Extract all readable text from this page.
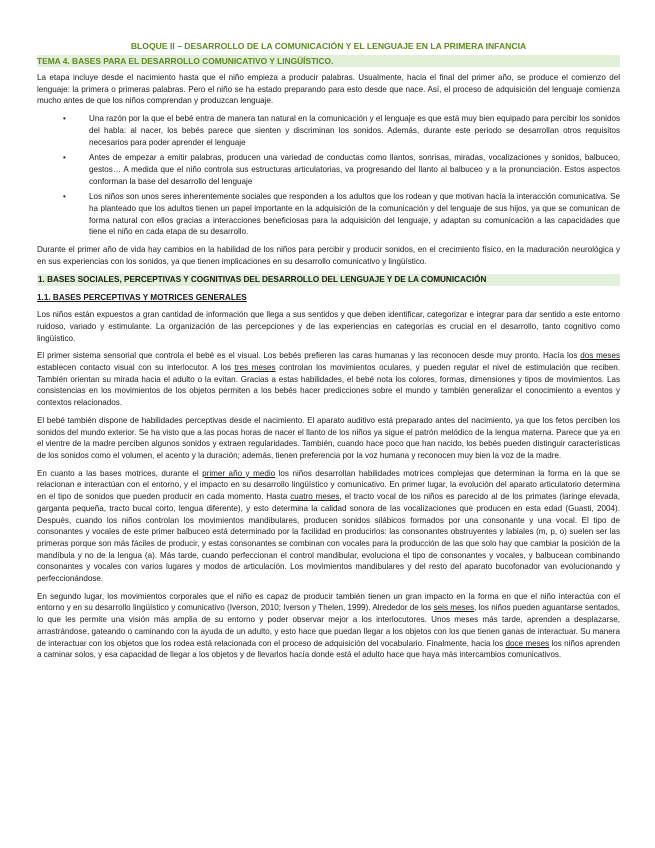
BLOQUE II – DESARROLLO DE LA COMUNICACIÓN Y EL LENGUAJE EN LA PRIMERA INFANCIA
TEMA 4. BASES PARA EL DESARROLLO COMUNICATIVO Y LINGÜÍSTICO.

La etapa incluye desde el nacimiento hasta que el niño empieza a producir palabras. Usualmente, hacia el final del primer año, se produce el comienzo del lenguaje: la primera o primeras palabras. Pero el niño se ha estado preparando para esto desde que nace. Así, el proceso de adquisición del lenguaje comienza mucho antes de que los niños comprendan y produzcan lenguaje.

• Una razón por la que el bebé entra de manera tan natural en la comunicación y el lenguaje es que está muy bien equipado para percibir los sonidos del habla: al nacer, los bebés parece que sienten y discriminan los sonidos. Además, durante este periodo se desarrollan otros requisitos necesarios para poder aprender el lenguaje
• Antes de empezar a emitir palabras, producen una variedad de conductas como llantos, sonrisas, miradas, vocalizaciones y sonidos, balbuceo, gestos… A medida que el niño controla sus estructuras articulatorias, va progresando del llanto al balbuceo y a la pronunciación. Estos aspectos conforman la base del desarrollo del lenguaje
• Los niños son unos seres inherentemente sociales que responden a los adultos que los rodean y que motivan hacía la interacción comunicativa. Se ha planteado que los adultos tienen un papel importante en la adquisición de la comunicación y del lenguaje de sus hijos, ya que se comunican de forma natural con ellos gracias a interacciones beneficiosas para la adquisición del lenguaje, y adaptan su comunicación a las capacidades que tiene el niño en cada etapa de su desarrollo.

Durante el primer año de vida hay cambios en la habilidad de los niños para percibir y producir sonidos, en el crecimiento físico, en la maduración neurológica y en sus experiencias con los sonidos, ya que tienen implicaciones en su desarrollo comunicativo y lingüístico.

1. BASES SOCIALES, PERCEPTIVAS Y COGNITIVAS DEL DESARROLLO DEL LENGUAJE Y DE LA COMUNICACIÓN
1.1. BASES PERCEPTIVAS Y MOTRICES GENERALES

Los niños están expuestos a gran cantidad de información que llega a sus sentidos y que deben identificar, categorizar e integrar para dar sentido a este entorno ruidoso, variado y estimulante. La organización de las percepciones y de las experiencias en categorías es crucial en el desarrollo, tanto cognitivo como lingüístico.

El primer sistema sensorial que controla el bebé es el visual. Los bebés prefieren las caras humanas y las reconocen desde muy pronto. Hacía los dos meses establecen contacto visual con su interlocutor. A los tres meses controlan los movimientos oculares, y pueden regular el nivel de estimulación que reciben. También orientan su mirada hacia el adulto o la evitan. Gracias a estas habilidades, el bebé nota los colores, formas, dimensiones y tipos de movimientos. Las consistencias en los movimientos de los objetos permiten a los bebés hacer predicciones sobre el mundo y también generalizar el conocimiento a eventos y contextos relacionados.

El bebé también dispone de habilidades perceptivas desde el nacimiento. El aparato auditivo está preparado antes del nacimiento, ya que los fetos perciben los sonidos del mundo exterior. Se ha visto que a las pocas horas de nacer el llanto de los niños ya sigue el patrón melódico de la lengua materna. Parece que ya en el vientre de la madre perciben algunos sonidos y extraen regularidades. También, cuando hace poco que han nacido, los bebés pueden distinguir características de los sonidos como el volumen, el acento y la duración; además, tienen preferencia por la voz humana y reconocen muy bien la voz de la madre.

En cuanto a las bases motrices, durante el primer año y medio los niños desarrollan habilidades motrices complejas que determinan la forma en la que se relacionan e interactúan con el entorno, y el impacto en su desarrollo lingüístico y comunicativo. En primer lugar, la evolución del aparato articulatorio determina en el tipo de sonidos que pueden producir en cada momento. Hasta cuatro meses, el tracto vocal de los niños es parecido al de los primates (laringe elevada, garganta pequeña, tracto bucal corto, lengua diferente), y esto determina la calidad sonora de las vocalizaciones que producen en esta edad (Guasti, 2004). Después, cuando los niños controlan los movimientos mandibulares, producen sonidos silábicos formados por una consonante y una vocal. El tipo de consonantes y vocales de este primer balbuceo está determinado por la facilidad en producirlos: las consonantes obstruyentes y labiales (m, p, o) suelen ser las primeras porque son más fáciles de producir, y estas consonantes se combinan con vocales para la producción de las que solo hay que cambiar la posición de la mandíbula y no de la lengua (a). Más tarde, cuando perfeccionan el control mandibular, evoluciona el tipo de consonantes y vocales, y balbucean combinando consonantes y vocales con varios lugares y modos de articulación. Los movimientos mandibulares y del resto del aparato bucofonador van evolucionando y perfeccionándose.

En segundo lugar, los movimientos corporales que el niño es capaz de producir también tienen un gran impacto en la forma en que el niño interactúa con el entorno y en su desarrollo lingüístico y comunicativo (Iverson, 2010; Iverson y Thelen, 1999). Alrededor de los seis meses, los niños pueden aguantarse sentados, lo que les permite una visión más amplia de su entorno y poder observar mejor a los interlocutores. Unos meses más tarde, aprenden a desplazarse, arrastrándose, gateando o caminando con la ayuda de un adulto, y esto hace que puedan llegar a los objetos con los que tienen ganas de interactuar. Su manera de interactuar con los objetos que los rodea está relacionada con el proceso de adquisición del vocabulario. Finalmente, hacia los doce meses los niños aprenden a caminar solos, y esa capacidad de llegar a los objetos y de llevarlos hacía donde está el adulto hace que haya más intercambios comunicativos.
